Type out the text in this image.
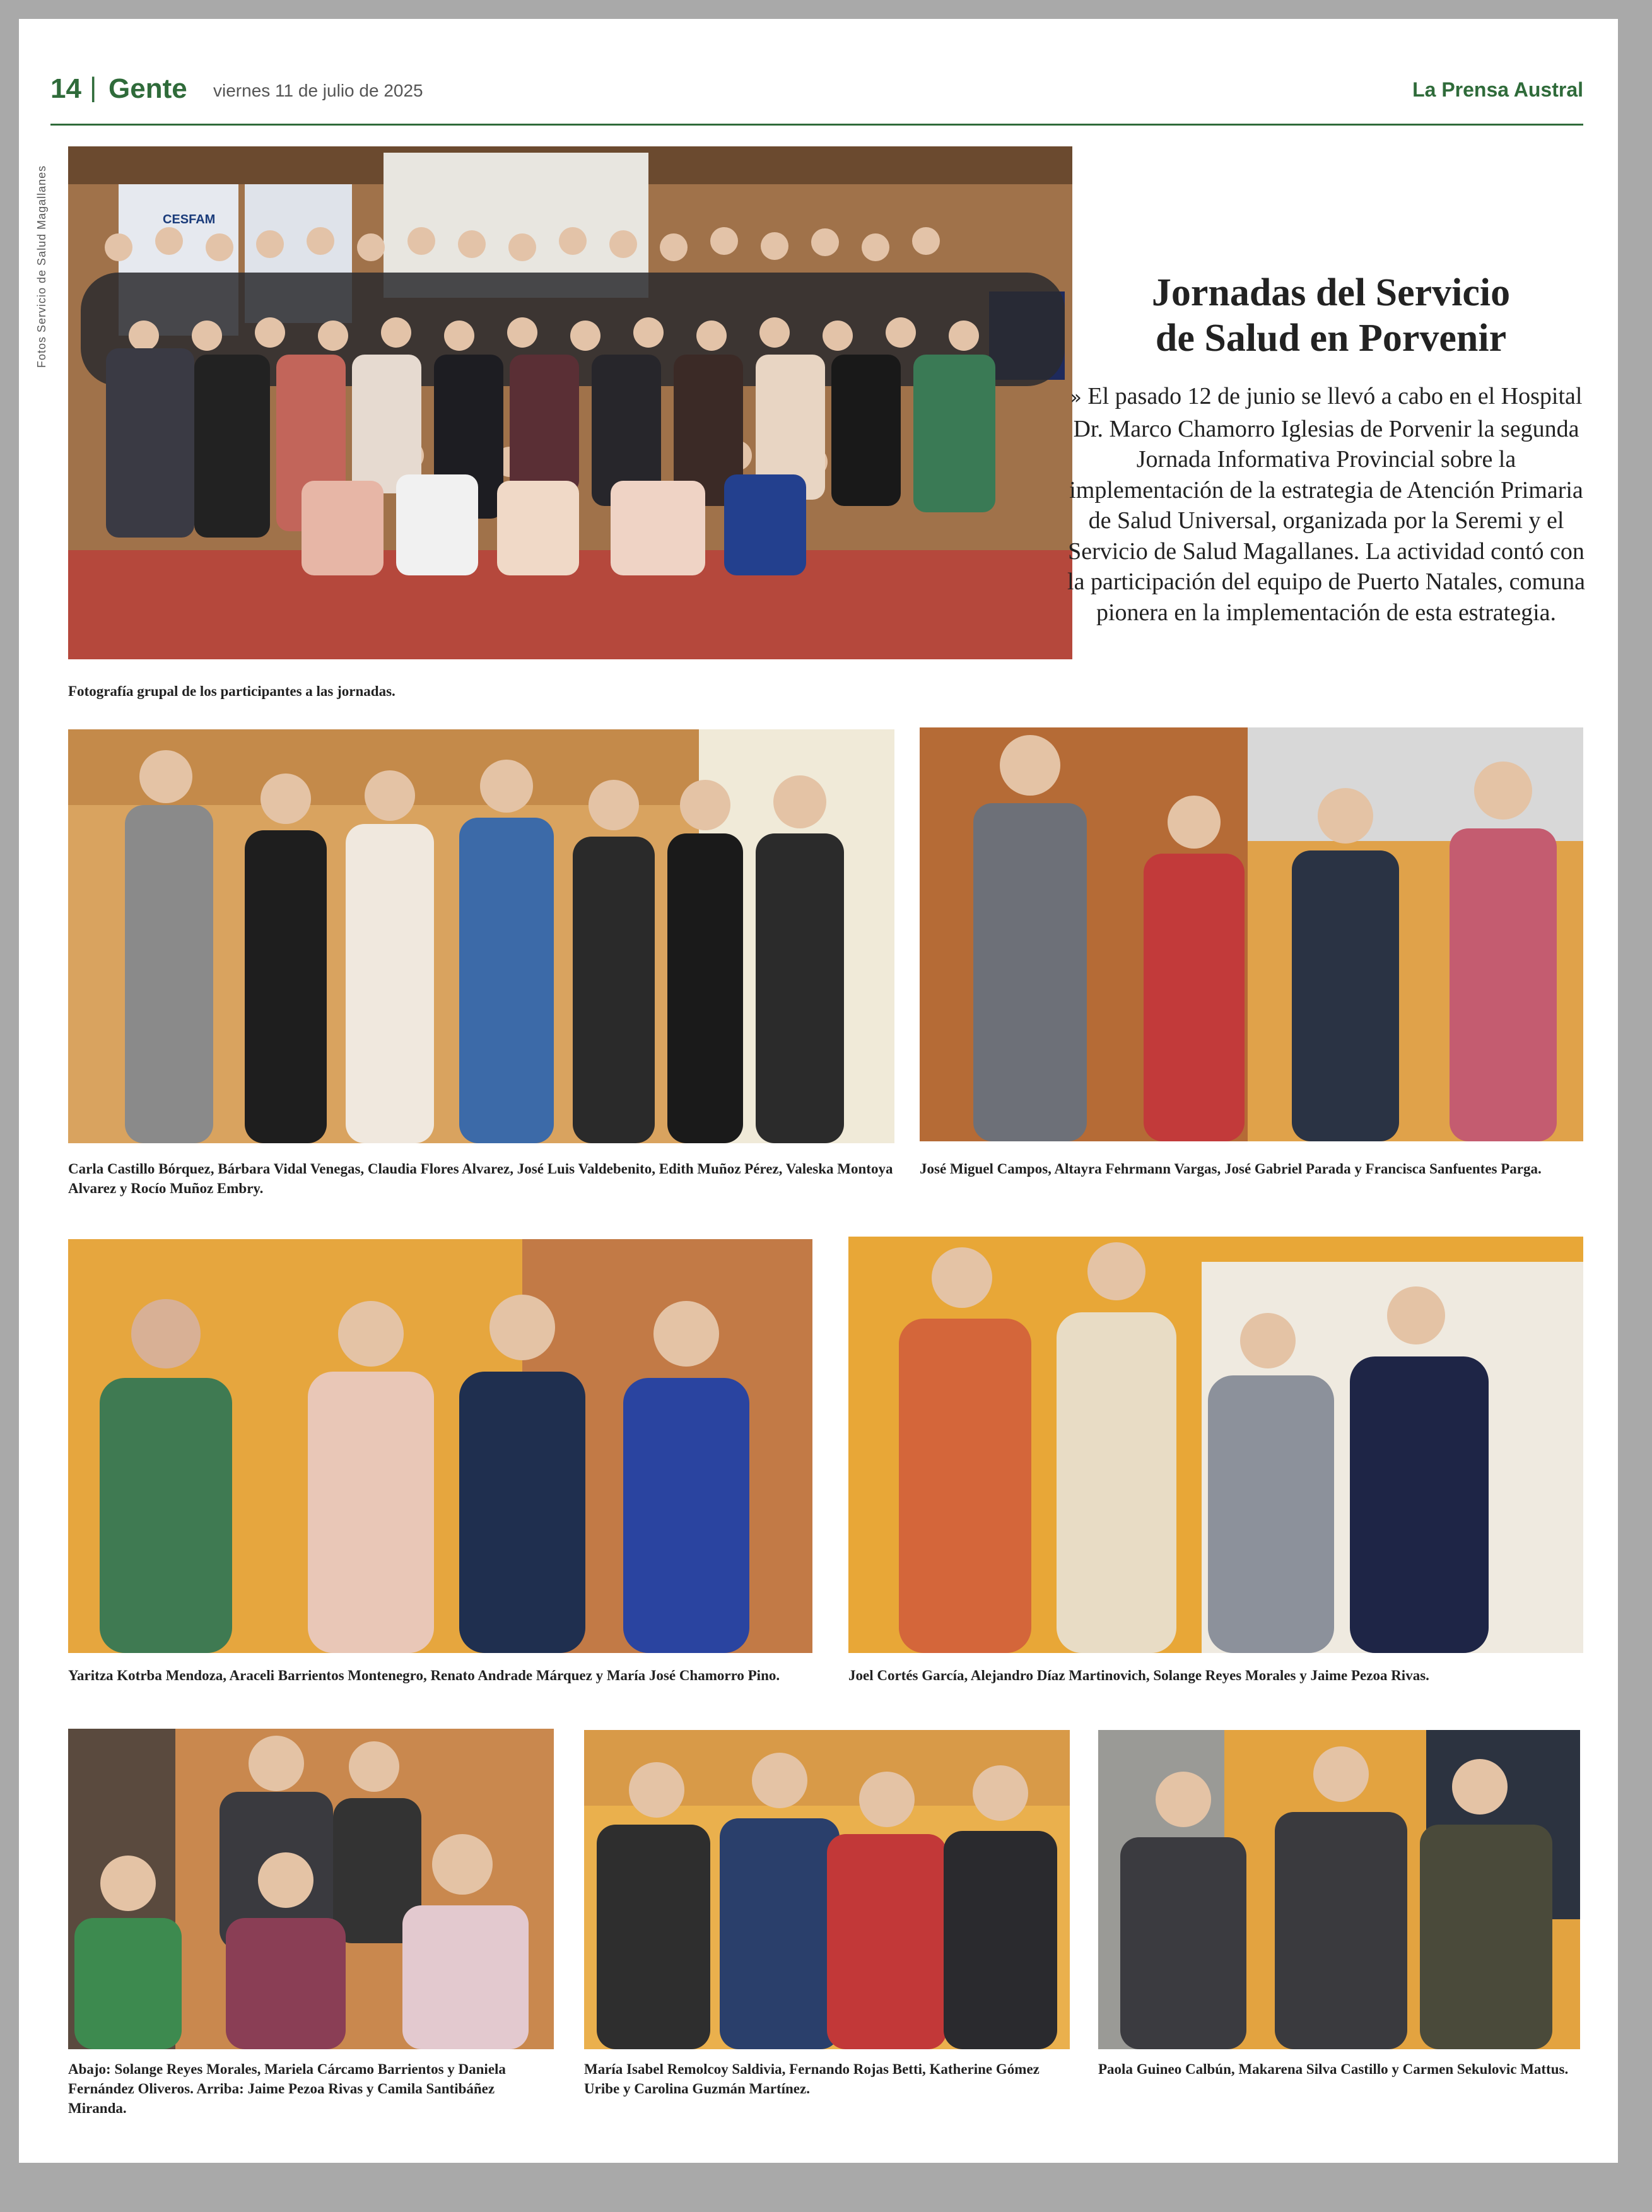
14 | Gente viernes 11 de julio de 2025	La Prensa Austral
Fotos Servicio de Salud Magallanes	CESFAM
Fotografía grupal de los participantes a las jornadas.
Jornadas del Servicio
de Salud en Porvenir
» El pasado 12 de junio se llevó a cabo en el Hospital Dr. Marco Chamorro Iglesias de Porvenir la segunda Jornada Informativa Provincial sobre la implementación de la estrategia de Atención Primaria de Salud Universal, organizada por la Seremi y el Servicio de Salud Magallanes. La actividad contó con la participación del equipo de Puerto Natales, comuna pionera en la implementación de esta estrategia.
Carla Castillo Bórquez, Bárbara Vidal Venegas, Claudia Flores Alvarez, José Luis Valdebenito, Edith Muñoz Pérez, Valeska Montoya Alvarez y Rocío Muñoz Embry.
José Miguel Campos, Altayra Fehrmann Vargas, José Gabriel Parada y Francisca Sanfuentes Parga.
Yaritza Kotrba Mendoza, Araceli Barrientos Montenegro, Renato Andrade Márquez y María José Chamorro Pino.	Joel Cortés García, Alejandro Díaz Martinovich, Solange Reyes Morales y Jaime Pezoa Rivas.
Abajo: Solange Reyes Morales, Mariela Cárcamo Barrientos y Daniela Fernández Oliveros. Arriba: Jaime Pezoa Rivas y Camila Santibáñez Miranda.
María Isabel Remolcoy Saldivia, Fernando Rojas Betti, Katherine Gómez Uribe y Carolina Guzmán Martínez.
Paola Guineo Calbún, Makarena Silva Castillo y Carmen Sekulovic Mattus.
